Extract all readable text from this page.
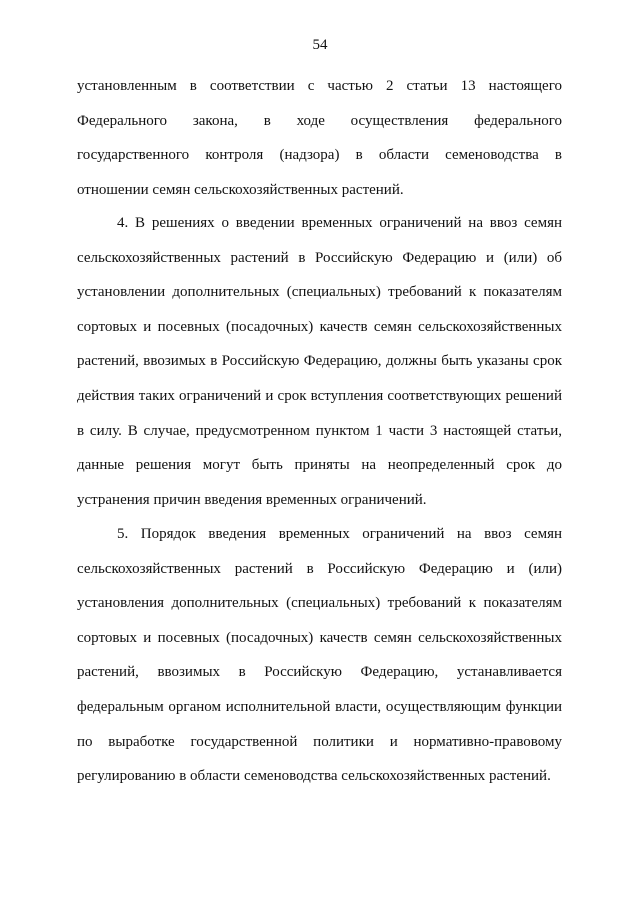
54
установленным в соответствии с частью 2 статьи 13 настоящего
Федерального закона, в ходе осуществления федерального
государственного контроля (надзора) в области семеноводства в
отношении семян сельскохозяйственных растений.
4. В решениях о введении временных ограничений на ввоз семян
сельскохозяйственных растений в Российскую Федерацию и (или) об
установлении дополнительных (специальных) требований к показателям
сортовых и посевных (посадочных) качеств семян сельскохозяйственных
растений, ввозимых в Российскую Федерацию, должны быть указаны срок
действия таких ограничений и срок вступления соответствующих решений
в силу. В случае, предусмотренном пунктом 1 части 3 настоящей статьи,
данные решения могут быть приняты на неопределенный срок до
устранения причин введения временных ограничений.
5. Порядок введения временных ограничений на ввоз семян
сельскохозяйственных растений в Российскую Федерацию и (или)
установления дополнительных (специальных) требований к показателям
сортовых и посевных (посадочных) качеств семян сельскохозяйственных
растений, ввозимых в Российскую Федерацию, устанавливается
федеральным органом исполнительной власти, осуществляющим функции
по выработке государственной политики и нормативно-правовому
регулированию в области семеноводства сельскохозяйственных растений.
